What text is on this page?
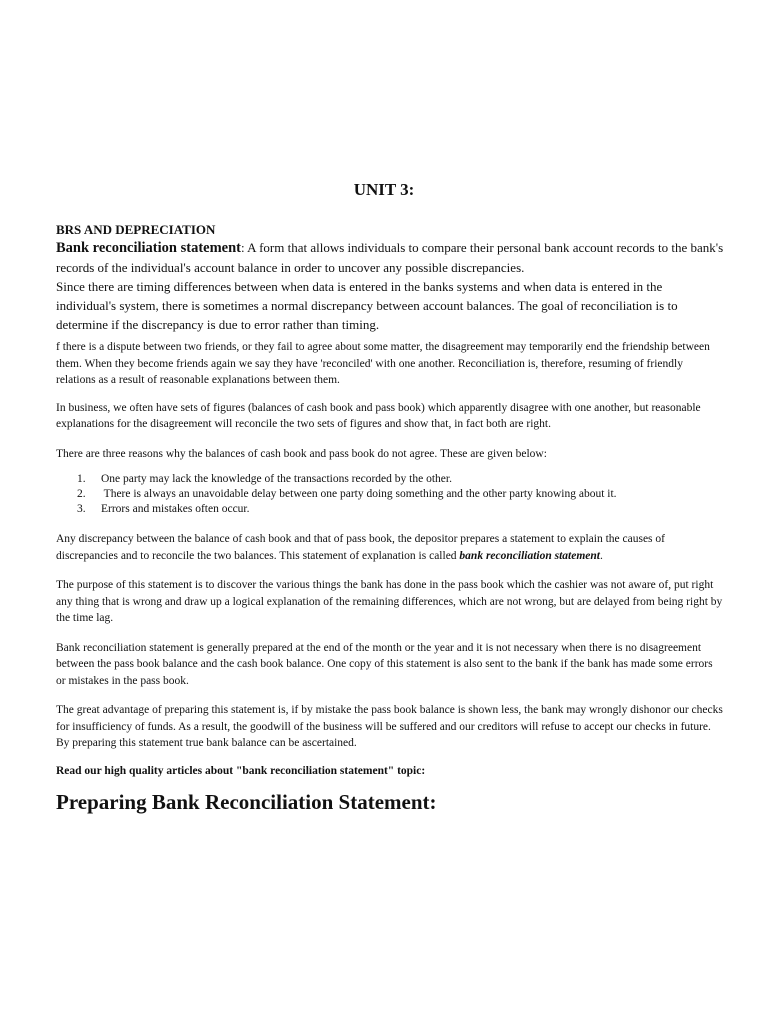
UNIT 3:

BRS AND DEPRECIATION

Bank reconciliation statement: A form that allows individuals to compare their personal bank account records to the bank's records of the individual's account balance in order to uncover any possible discrepancies.

Since there are timing differences between when data is entered in the banks systems and when data is entered in the individual's system, there is sometimes a normal discrepancy between account balances. The goal of reconciliation is to determine if the discrepancy is due to error rather than timing.

f there is a dispute between two friends, or they fail to agree about some matter, the disagreement may temporarily end the friendship between them. When they become friends again we say they have 'reconciled' with one another. Reconciliation is, therefore, resuming of friendly relations as a result of reasonable explanations between them.

In business, we often have sets of figures (balances of cash book and pass book) which apparently disagree with one another, but reasonable explanations for the disagreement will reconcile the two sets of figures and show that, in fact both are right.

There are three reasons why the balances of cash book and pass book do not agree. These are given below:

1.	One party may lack the knowledge of the transactions recorded by the other.
2.	There is always an unavoidable delay between one party doing something and the other party knowing about it.
3.	Errors and mistakes often occur.

Any discrepancy between the balance of cash book and that of pass book, the depositor prepares a statement to explain the causes of discrepancies and to reconcile the two balances. This statement of explanation is called bank reconciliation statement.

The purpose of this statement is to discover the various things the bank has done in the pass book which the cashier was not aware of, put right any thing that is wrong and draw up a logical explanation of the remaining differences, which are not wrong, but are delayed from being right by the time lag.

Bank reconciliation statement is generally prepared at the end of the month or the year and it is not necessary when there is no disagreement between the pass book balance and the cash book balance. One copy of this statement is also sent to the bank if the bank has made some errors or mistakes in the pass book.

The great advantage of preparing this statement is, if by mistake the pass book balance is shown less, the bank may wrongly dishonor our checks for insufficiency of funds. As a result, the goodwill of the business will be suffered and our creditors will refuse to accept our checks in future. By preparing this statement true bank balance can be ascertained.

Read our high quality articles about "bank reconciliation statement" topic:

Preparing Bank Reconciliation Statement:
